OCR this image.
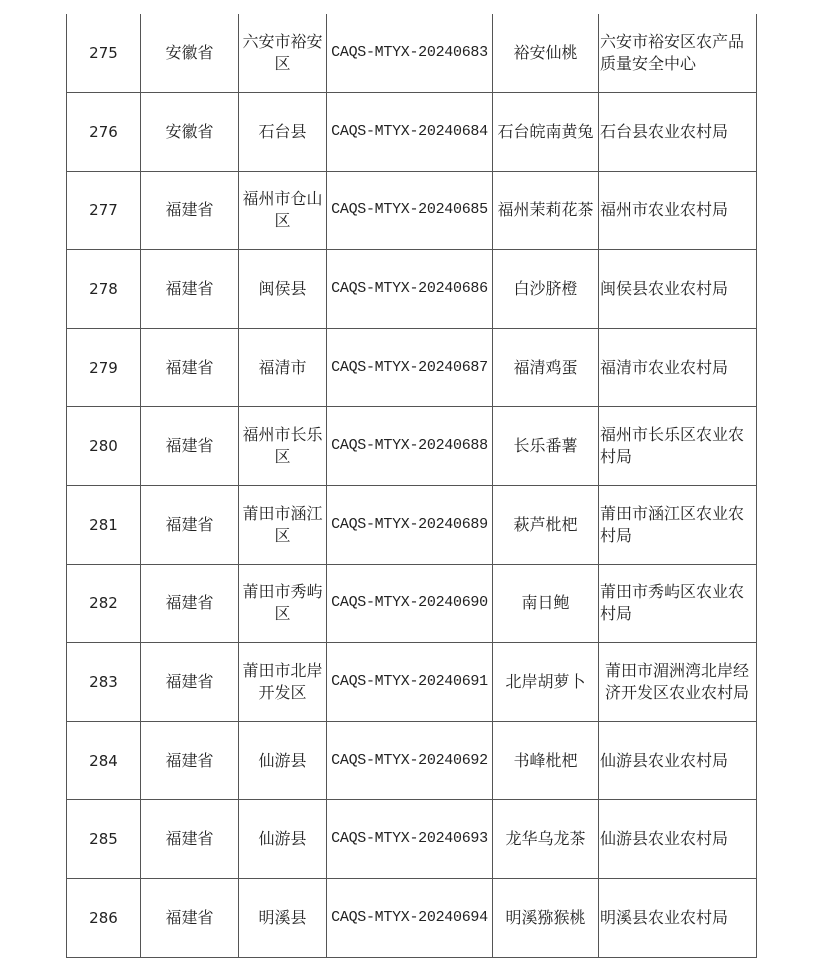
275	安徽省	六安市裕安区	CAQS-MTYX-20240683	裕安仙桃	六安市裕安区农产品质量安全中心
276	安徽省	石台县	CAQS-MTYX-20240684	石台皖南黄兔	石台县农业农村局
277	福建省	福州市仓山区	CAQS-MTYX-20240685	福州茉莉花茶	福州市农业农村局
278	福建省	闽侯县	CAQS-MTYX-20240686	白沙脐橙	闽侯县农业农村局
279	福建省	福清市	CAQS-MTYX-20240687	福清鸡蛋	福清市农业农村局
280	福建省	福州市长乐区	CAQS-MTYX-20240688	长乐番薯	福州市长乐区农业农村局
281	福建省	莆田市涵江区	CAQS-MTYX-20240689	萩芦枇杷	莆田市涵江区农业农村局
282	福建省	莆田市秀屿区	CAQS-MTYX-20240690	南日鲍	莆田市秀屿区农业农村局
283	福建省	莆田市北岸开发区	CAQS-MTYX-20240691	北岸胡萝卜	莆田市湄洲湾北岸经济开发区农业农村局
284	福建省	仙游县	CAQS-MTYX-20240692	书峰枇杷	仙游县农业农村局
285	福建省	仙游县	CAQS-MTYX-20240693	龙华乌龙茶	仙游县农业农村局
286	福建省	明溪县	CAQS-MTYX-20240694	明溪猕猴桃	明溪县农业农村局
